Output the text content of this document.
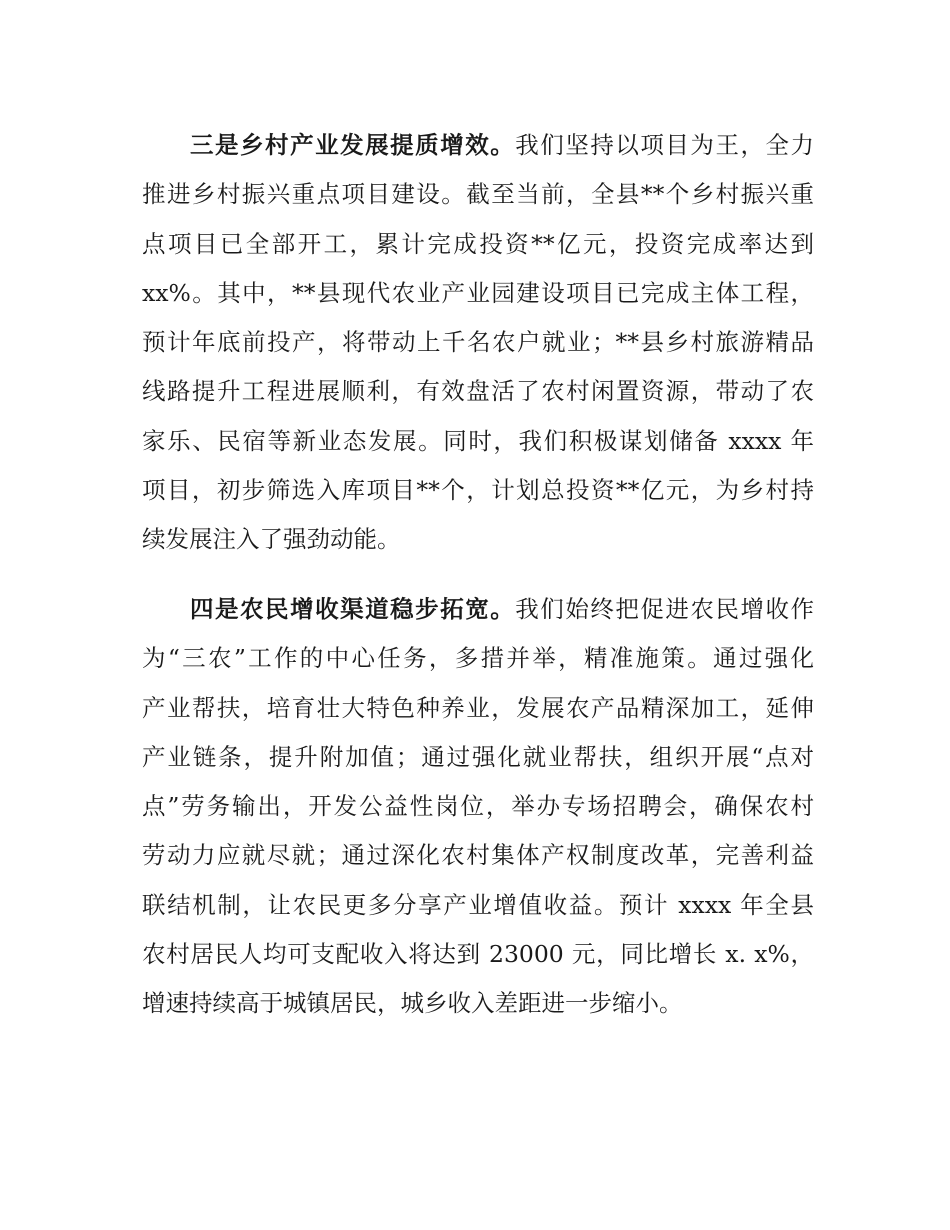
三是乡村产业发展提质增效。我们坚持以项目为王，全力
推进乡村振兴重点项目建设。截至当前，全县**个乡村振兴重
点项目已全部开工，累计完成投资**亿元，投资完成率达到
xx%。其中，**县现代农业产业园建设项目已完成主体工程，
预计年底前投产，将带动上千名农户就业；**县乡村旅游精品
线路提升工程进展顺利，有效盘活了农村闲置资源，带动了农
家乐、民宿等新业态发展。同时，我们积极谋划储备 xxxx 年
项目，初步筛选入库项目**个，计划总投资**亿元，为乡村持
续发展注入了强劲动能。

四是农民增收渠道稳步拓宽。我们始终把促进农民增收作
为“三农”工作的中心任务，多措并举，精准施策。通过强化
产业帮扶，培育壮大特色种养业，发展农产品精深加工，延伸
产业链条，提升附加值；通过强化就业帮扶，组织开展“点对
点”劳务输出，开发公益性岗位，举办专场招聘会，确保农村
劳动力应就尽就；通过深化农村集体产权制度改革，完善利益
联结机制，让农民更多分享产业增值收益。预计 xxxx 年全县
农村居民人均可支配收入将达到 23000 元，同比增长 x. x%，
增速持续高于城镇居民，城乡收入差距进一步缩小。
